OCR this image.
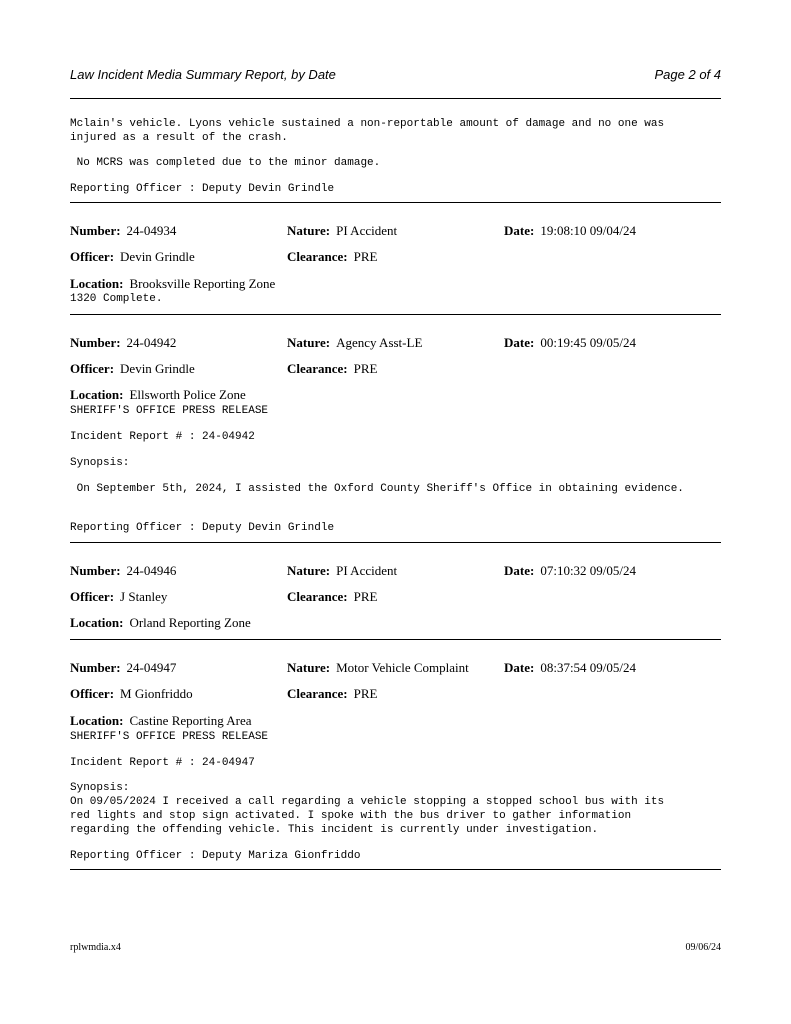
Law Incident Media Summary Report, by Date	Page 2 of 4
Mclain's vehicle. Lyons vehicle sustained a non-reportable amount of damage and no one was
injured as a result of the crash.
No MCRS was completed due to the minor damage.
Reporting Officer : Deputy Devin Grindle
Number: 24-04934	Nature: PI Accident	Date: 19:08:10 09/04/24
Officer: Devin Grindle	Clearance: PRE
Location: Brooksville Reporting Zone
1320 Complete.
Number: 24-04942	Nature: Agency Asst-LE	Date: 00:19:45 09/05/24
Officer: Devin Grindle	Clearance: PRE
Location: Ellsworth Police Zone
SHERIFF'S OFFICE PRESS RELEASE
Incident Report # : 24-04942
Synopsis:
On September 5th, 2024, I assisted the Oxford County Sheriff's Office in obtaining evidence.
Reporting Officer : Deputy Devin Grindle
Number: 24-04946	Nature: PI Accident	Date: 07:10:32 09/05/24
Officer: J Stanley	Clearance: PRE
Location: Orland Reporting Zone
Number: 24-04947	Nature: Motor Vehicle Complaint	Date: 08:37:54 09/05/24
Officer: M Gionfriddo	Clearance: PRE
Location: Castine Reporting Area
SHERIFF'S OFFICE PRESS RELEASE
Incident Report # : 24-04947
Synopsis:
On 09/05/2024 I received a call regarding a vehicle stopping a stopped school bus with its
red lights and stop sign activated. I spoke with the bus driver to gather information
regarding the offending vehicle. This incident is currently under investigation.
Reporting Officer : Deputy Mariza Gionfriddo
rplwmdia.x4	09/06/24
